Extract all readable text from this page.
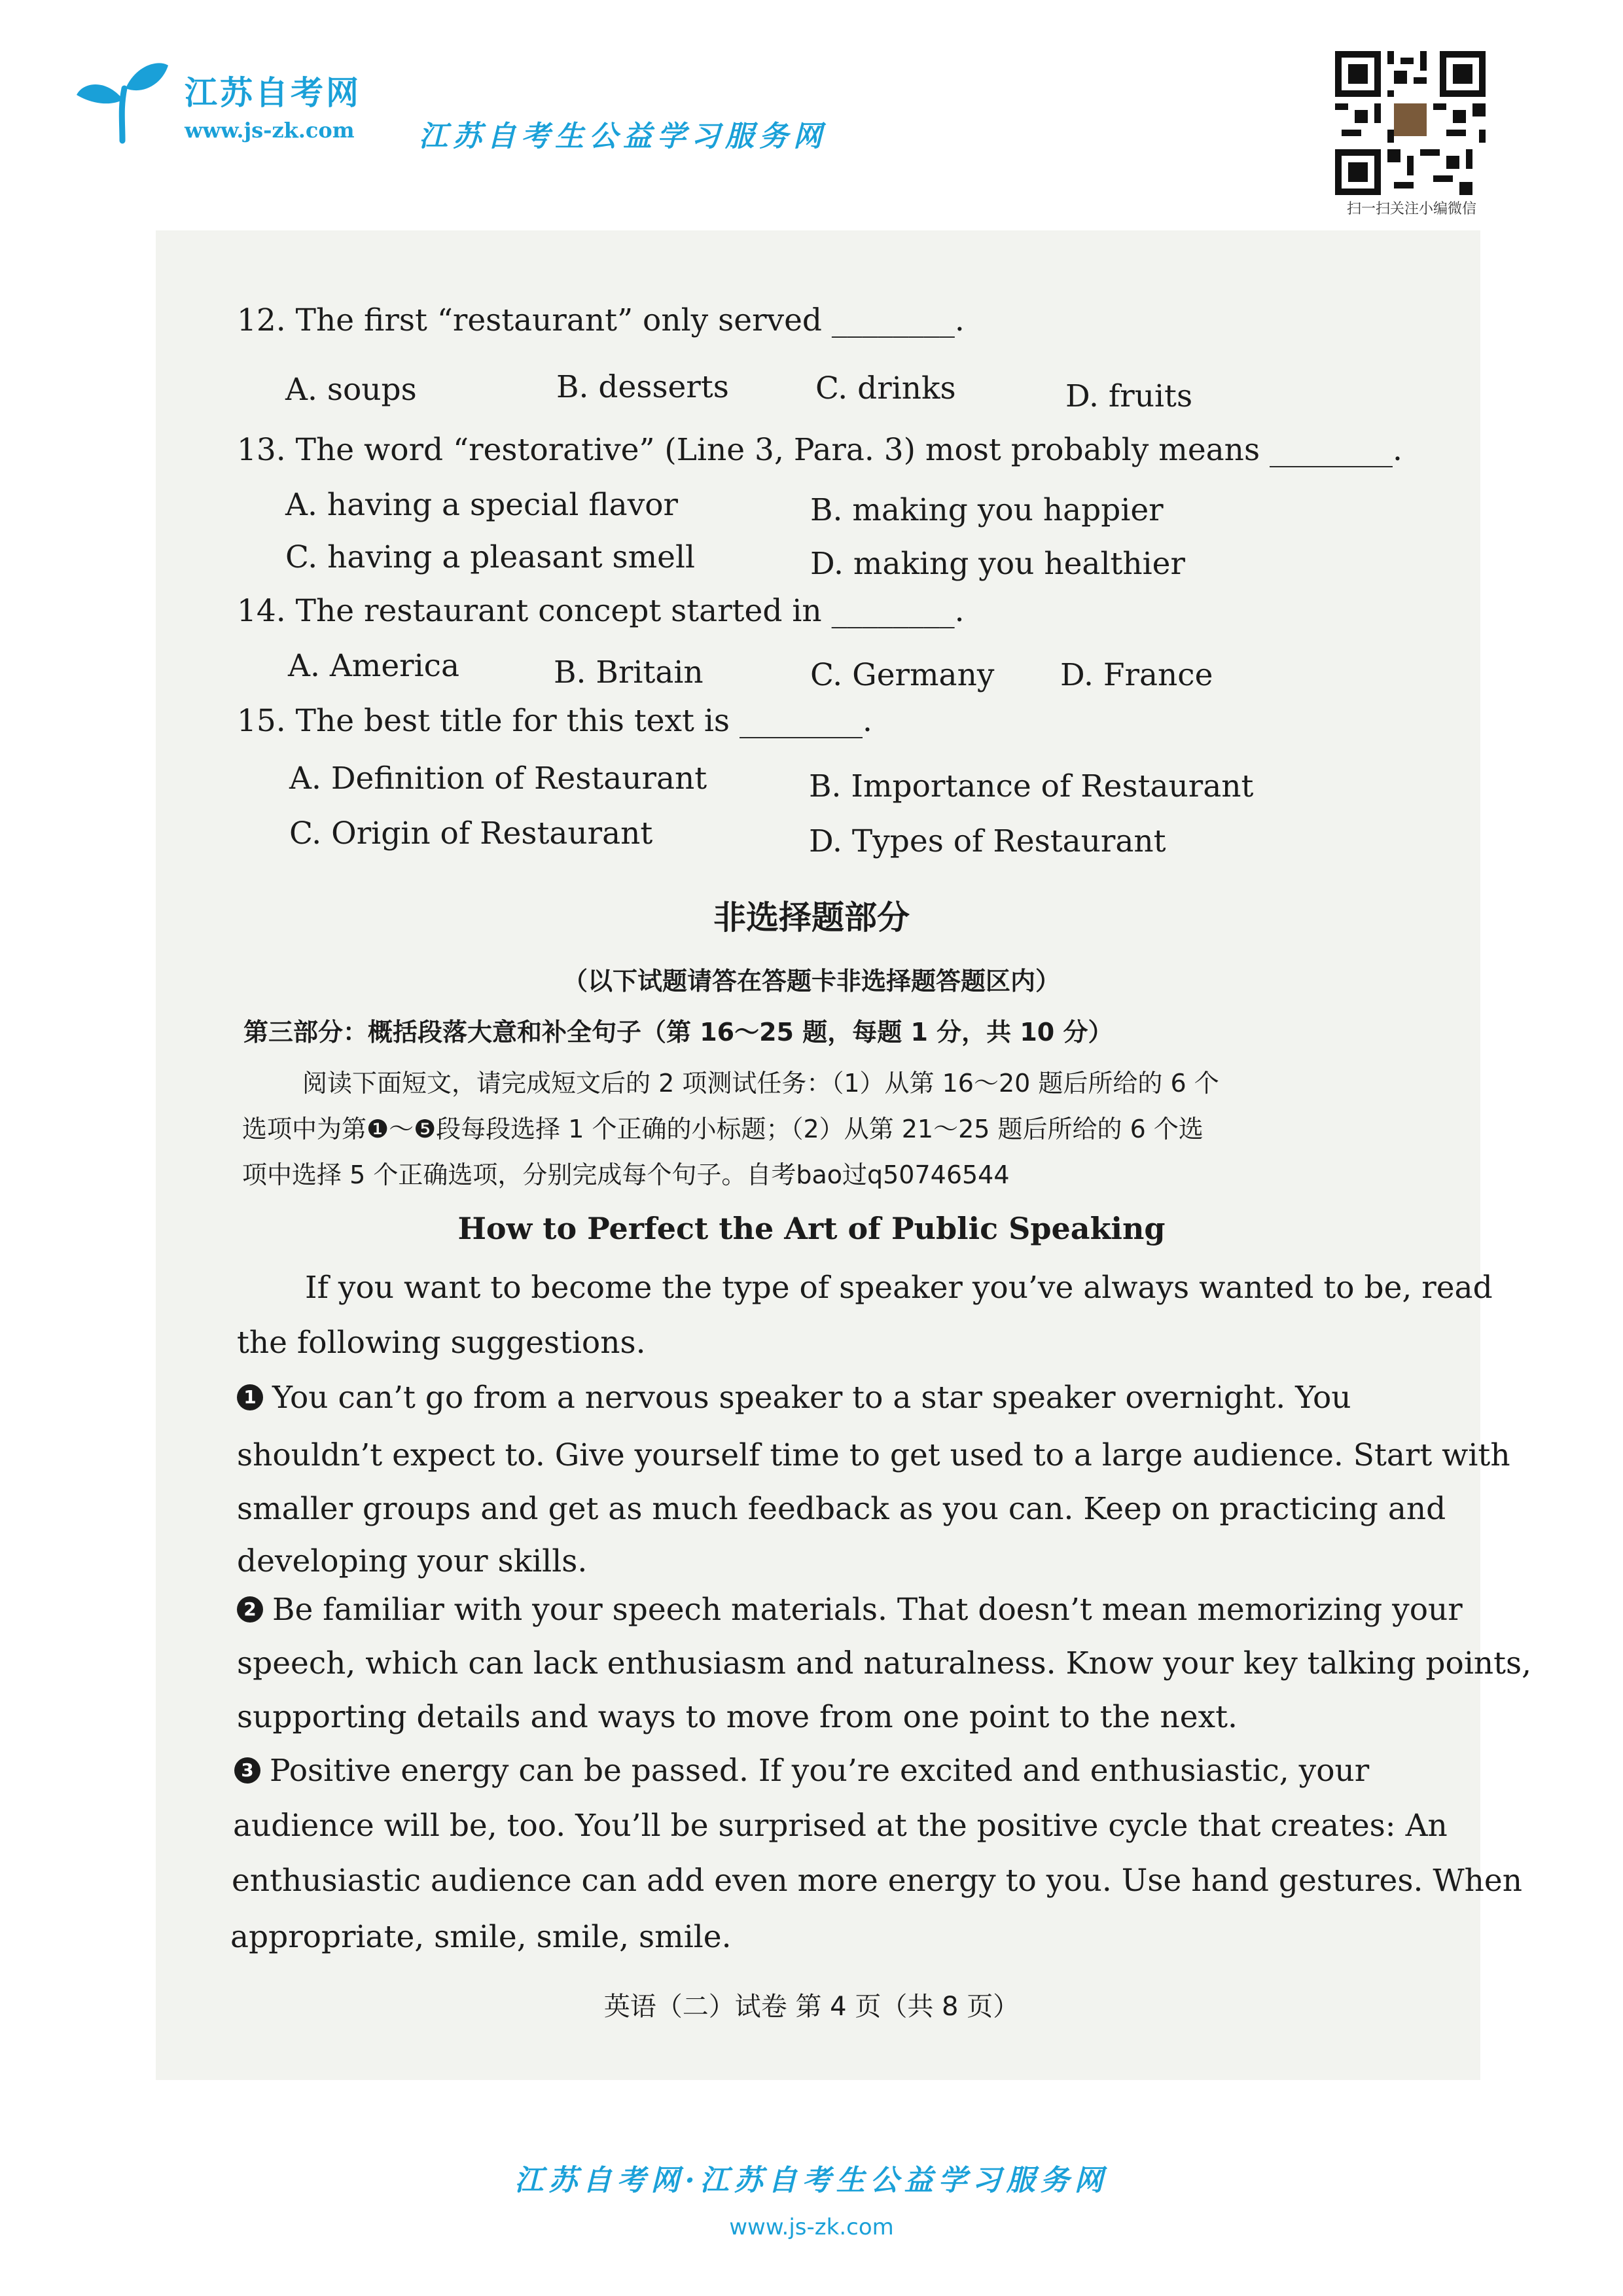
江苏自考网
www.js-zk.com 江苏自考生公益学习服务网
扫一扫关注小编微信
12. The first “restaurant” only served ________.
A. soups	B. desserts	C. drinks	D. fruits
13. The word “restorative” (Line 3, Para. 3) most probably means ________.
A. having a special flavor	B. making you happier
C. having a pleasant smell	D. making you healthier
14. The restaurant concept started in ________.
A. America	B. Britain	C. Germany D. France
15. The best title for this text is ________.
A. Definition of Restaurant	B. Importance of Restaurant
C. Origin of Restaurant	D. Types of Restaurant
非选择题部分
（以下试题请答在答题卡非选择题答题区内）
第三部分：概括段落大意和补全句子（第 16～25 题，每题 1 分，共 10 分）
阅读下面短文，请完成短文后的 2 项测试任务：（1）从第 16～20 题后所给的 6 个
选项中为第❶～❺段每段选择 1 个正确的小标题；（2）从第 21～25 题后所给的 6 个选
项中选择 5 个正确选项，分别完成每个句子。自考bao过q50746544
How to Perfect the Art of Public Speaking
If you want to become the type of speaker you’ve always wanted to be, read
the following suggestions.
1 You can’t go from a nervous speaker to a star speaker overnight. You
shouldn’t expect to. Give yourself time to get used to a large audience. Start with
smaller groups and get as much feedback as you can. Keep on practicing and
developing your skills.
2 Be familiar with your speech materials. That doesn’t mean memorizing your
speech, which can lack enthusiasm and naturalness. Know your key talking points,
supporting details and ways to move from one point to the next.
3 Positive energy can be passed. If you’re excited and enthusiastic, your
audience will be, too. You’ll be surprised at the positive cycle that creates: An
enthusiastic audience can add even more energy to you. Use hand gestures. When
appropriate, smile, smile, smile.
英语（二）试卷 第 4 页（共 8 页）
江苏自考网·江苏自考生公益学习服务网
www.js-zk.com
